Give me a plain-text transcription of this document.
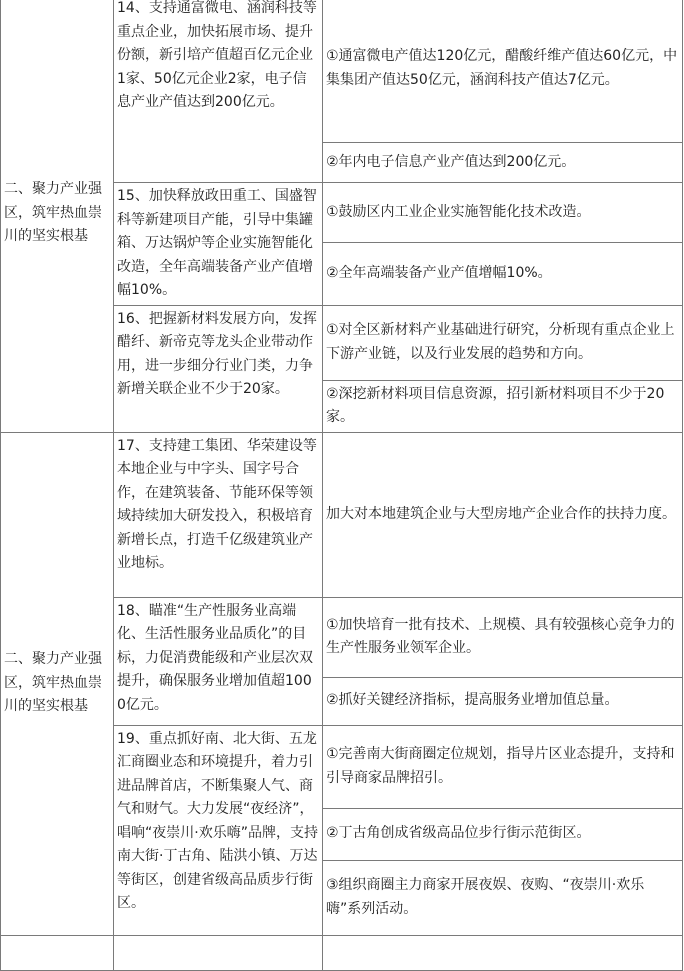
二、聚力产业强区，筑牢热血崇川的坚实根基	14、支持通富微电、涵润科技等重点企业，加快拓展市场、提升份额，新引培产值超百亿元企业1家、50亿元企业2家，电子信息产业产值达到200亿元。	①通富微电产值达120亿元，醋酸纤维产值达60亿元，中集集团产值达50亿元，涵润科技产值达7亿元。
		②年内电子信息产业产值达到200亿元。
	15、加快释放政田重工、国盛智科等新建项目产能，引导中集罐箱、万达锅炉等企业实施智能化改造，全年高端装备产业产值增幅10%。	①鼓励区内工业企业实施智能化技术改造。
		②全年高端装备产业产值增幅10%。
	16、把握新材料发展方向，发挥醋纤、新帝克等龙头企业带动作用，进一步细分行业门类，力争新增关联企业不少于20家。	①对全区新材料产业基础进行研究，分析现有重点企业上下游产业链，以及行业发展的趋势和方向。
		②深挖新材料项目信息资源，招引新材料项目不少于20家。
二、聚力产业强区，筑牢热血崇川的坚实根基	17、支持建工集团、华荣建设等本地企业与中字头、国字号合作，在建筑装备、节能环保等领域持续加大研发投入，积极培育新增长点，打造千亿级建筑业产业地标。	加大对本地建筑企业与大型房地产企业合作的扶持力度。
	18、瞄准“生产性服务业高端化、生活性服务业品质化”的目标，力促消费能级和产业层次双提升，确保服务业增加值超1000亿元。	①加快培育一批有技术、上规模、具有较强核心竞争力的生产性服务业领军企业。
		②抓好关键经济指标，提高服务业增加值总量。
	19、重点抓好南、北大街、五龙汇商圈业态和环境提升，着力引进品牌首店，不断集聚人气、商气和财气。大力发展“夜经济”，唱响“夜崇川·欢乐嗨”品牌，支持南大街·丁古角、陆洪小镇、万达等街区，创建省级高品质步行街区。	①完善南大街商圈定位规划，指导片区业态提升，支持和引导商家品牌招引。
		②丁古角创成省级高品位步行街示范街区。
		③组织商圈主力商家开展夜娱、夜购、“夜崇川·欢乐嗨”系列活动。
